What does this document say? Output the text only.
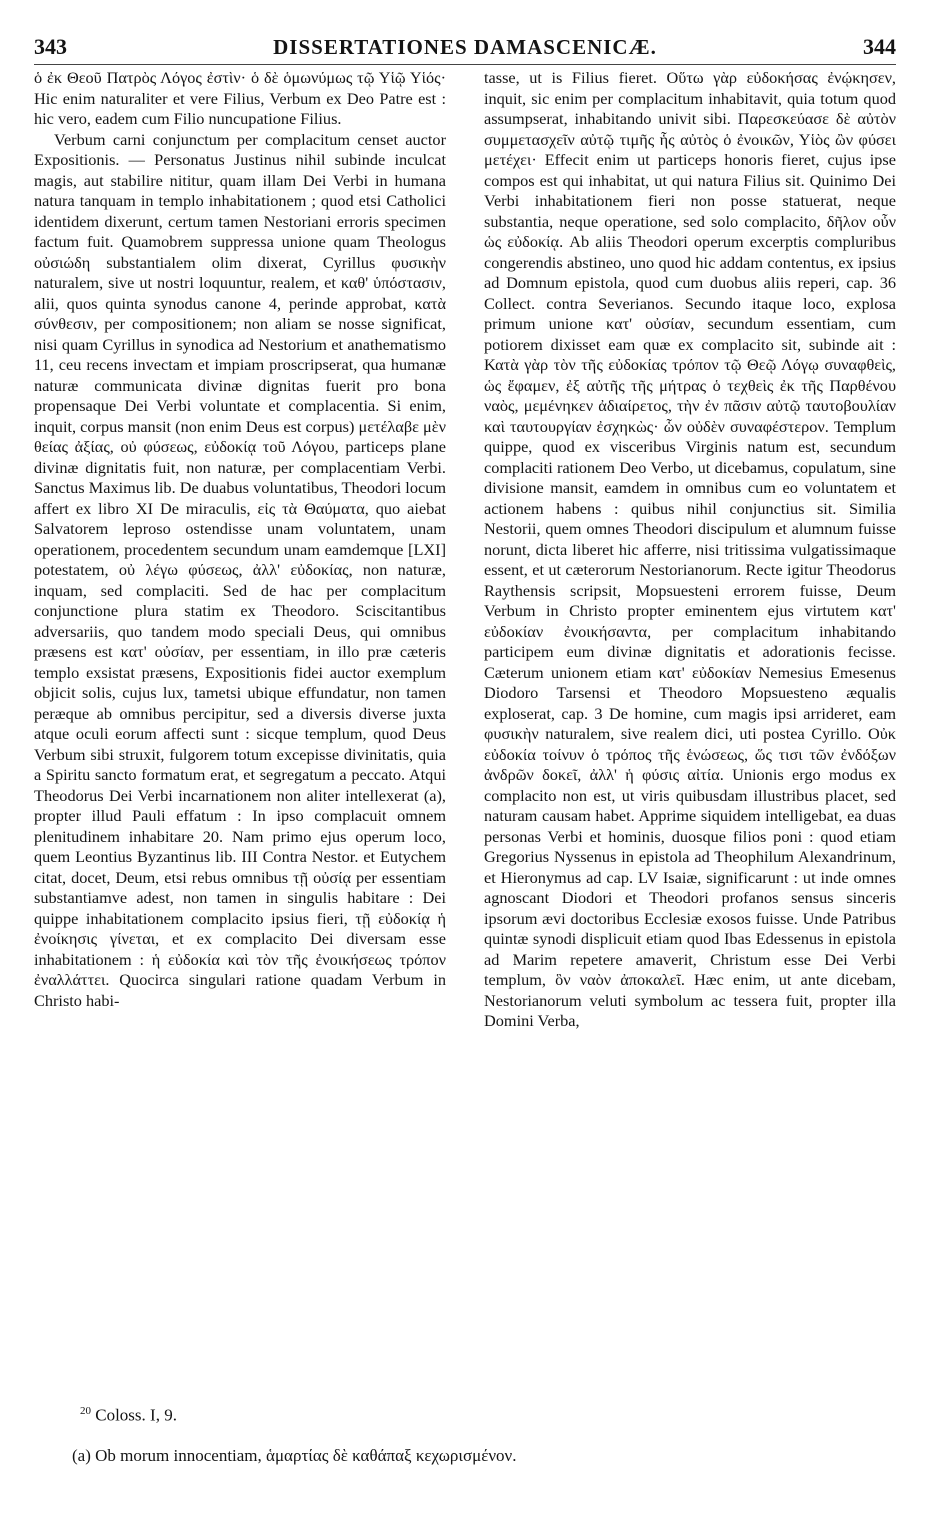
343	DISSERTATIONES DAMASCENICÆ.	344

ὁ ἐκ Θεοῦ Πατρὸς Λόγος ἐστὶν· ὁ δὲ ὁμωνύμως τῷ Υἱῷ Υἱός· Hic enim naturaliter et vere Filius, Verbum ex Deo Patre est : hic vero, eadem cum Filio nuncupatione Filius.

Verbum carni conjunctum per complacitum censet auctor Expositionis. — Personatus Justinus nihil subinde inculcat magis, aut stabilire nititur, quam illam Dei Verbi in humana natura tanquam in templo inhabitationem ; quod etsi Catholici identidem dixerunt, certum tamen Nestoriani erroris specimen factum fuit. Quamobrem suppressa unione quam Theologus οὐσιώδη substantialem olim dixerat, Cyrillus φυσικὴν naturalem, sive ut nostri loquuntur, realem, et καθ' ὑπόστασιν, alii, quos quinta synodus canone 4, perinde approbat, κατὰ σύνθεσιν, per compositionem; non aliam se nosse significat, nisi quam Cyrillus in synodica ad Nestorium et anathematismo 11, ceu recens invectam et impiam proscripserat, qua humanæ naturæ communicata divinæ dignitas fuerit pro bona propensaque Dei Verbi voluntate et complacentia. Si enim, inquit, corpus mansit (non enim Deus est corpus) μετέλαβε μὲν θείας ἀξίας, οὐ φύσεως, εὐδοκίᾳ τοῦ Λόγου, particeps plane divinæ dignitatis fuit, non naturæ, per complacentiam Verbi. Sanctus Maximus lib. De duabus voluntatibus, Theodori locum affert ex libro XI De miraculis, εἰς τὰ Θαύματα, quo aiebat Salvatorem leproso ostendisse unam voluntatem, unam operationem, procedentem secundum unam eamdemque [LXI] potestatem, οὐ λέγω φύσεως, ἀλλ' εὐδοκίας, non naturæ, inquam, sed complaciti. Sed de hac per complacitum conjunctione plura statim ex Theodoro. Sciscitantibus adversariis, quo tandem modo speciali Deus, qui omnibus præsens est κατ' οὐσίαν, per essentiam, in illo præ cæteris templo exsistat præsens, Expositionis fidei auctor exemplum objicit solis, cujus lux, tametsi ubique effundatur, non tamen peræque ab omnibus percipitur, sed a diversis diverse juxta atque oculi eorum affecti sunt : sicque templum, quod Deus Verbum sibi struxit, fulgorem totum excepisse divinitatis, quia a Spiritu sancto formatum erat, et segregatum a peccato. Atqui Theodorus Dei Verbi incarnationem non aliter intellexerat (a), propter illud Pauli effatum : In ipso complacuit omnem plenitudinem inhabitare 20. Nam primo ejus operum loco, quem Leontius Byzantinus lib. III Contra Nestor. et Eutychem citat, docet, Deum, etsi rebus omnibus τῇ οὐσίᾳ per essentiam substantiamve adest, non tamen in singulis habitare : Dei quippe inhabitationem complacito ipsius fieri, τῇ εὐδοκίᾳ ἡ ἐνοίκησις γίνεται, et ex complacito Dei diversam esse inhabitationem : ἡ εὐδοκία καὶ τὸν τῆς ἐνοικήσεως τρόπον ἐναλλάττει. Quocirca singulari ratione quadam Verbum in Christo habi-

tasse, ut is Filius fieret. Οὕτω γὰρ εὐδοκήσας ἐνῴκησεν, inquit, sic enim per complacitum inhabitavit, quia totum quod assumpserat, inhabitando univit sibi. Παρεσκεύασε δὲ αὐτὸν συμμετασχεῖν αὐτῷ τιμῆς ἧς αὐτὸς ὁ ἐνοικῶν, Υἱὸς ὢν φύσει μετέχει· Effecit enim ut particeps honoris fieret, cujus ipse compos est qui inhabitat, ut qui natura Filius sit. Quinimo Dei Verbi inhabitationem fieri non posse statuerat, neque substantia, neque operatione, sed solo complacito, δῆλον οὖν ὡς εὐδοκίᾳ. Ab aliis Theodori operum excerptis compluribus congerendis abstineo, uno quod hic addam contentus, ex ipsius ad Domnum epistola, quod cum duobus aliis reperi, cap. 36 Collect. contra Severianos. Secundo itaque loco, explosa primum unione κατ' οὐσίαν, secundum essentiam, cum potiorem dixisset eam quæ ex complacito sit, subinde ait : Κατὰ γὰρ τὸν τῆς εὐδοκίας τρόπον τῷ Θεῷ Λόγῳ συναφθεὶς, ὡς ἔφαμεν, ἐξ αὐτῆς τῆς μήτρας ὁ τεχθεὶς ἐκ τῆς Παρθένου ναὸς, μεμένηκεν ἀδιαίρετος, τὴν ἐν πᾶσιν αὐτῷ ταυτοβουλίαν καὶ ταυτουργίαν ἐσχηκὼς· ὧν οὐδὲν συναφέστερον. Templum quippe, quod ex visceribus Virginis natum est, secundum complaciti rationem Deo Verbo, ut dicebamus, copulatum, sine divisione mansit, eamdem in omnibus cum eo voluntatem et actionem habens : quibus nihil conjunctius sit. Similia Nestorii, quem omnes Theodori discipulum et alumnum fuisse norunt, dicta liberet hic afferre, nisi tritissima vulgatissimaque essent, et ut cæterorum Nestorianorum. Recte igitur Theodorus Raythensis scripsit, Mopsuesteni errorem fuisse, Deum Verbum in Christo propter eminentem ejus virtutem κατ' εὐδοκίαν ἐνοικήσαντα, per complacitum inhabitando participem eum divinæ dignitatis et adorationis fecisse. Cæterum unionem etiam κατ' εὐδοκίαν Nemesius Emesenus Diodoro Tarsensi et Theodoro Mopsuesteno æqualis exploserat, cap. 3 De homine, cum magis ipsi arrideret, eam φυσικὴν naturalem, sive realem dici, uti postea Cyrillo. Οὐκ εὐδοκία τοίνυν ὁ τρόπος τῆς ἑνώσεως, ὥς τισι τῶν ἐνδόξων ἀνδρῶν δοκεῖ, ἀλλ' ἡ φύσις αἰτία. Unionis ergo modus ex complacito non est, ut viris quibusdam illustribus placet, sed naturam causam habet. Apprime siquidem intelligebat, ea duas personas Verbi et hominis, duosque filios poni : quod etiam Gregorius Nyssenus in epistola ad Theophilum Alexandrinum, et Hieronymus ad cap. LV Isaiæ, significarunt : ut inde omnes agnoscant Diodori et Theodori profanos sensus sinceris ipsorum ævi doctoribus Ecclesiæ exosos fuisse. Unde Patribus quintæ synodi displicuit etiam quod Ibas Edessenus in epistola ad Marim repetere amaverit, Christum esse Dei Verbi templum, ὃν ναὸν ἀποκαλεῖ. Hæc enim, ut ante dicebam, Nestorianorum veluti symbolum ac tessera fuit, propter illa Domini Verba,

$^{20}$ Coloss. I, 9.

(a) Ob morum innocentiam, ἁμαρτίας δὲ καθάπαξ κεχωρισμένον.
